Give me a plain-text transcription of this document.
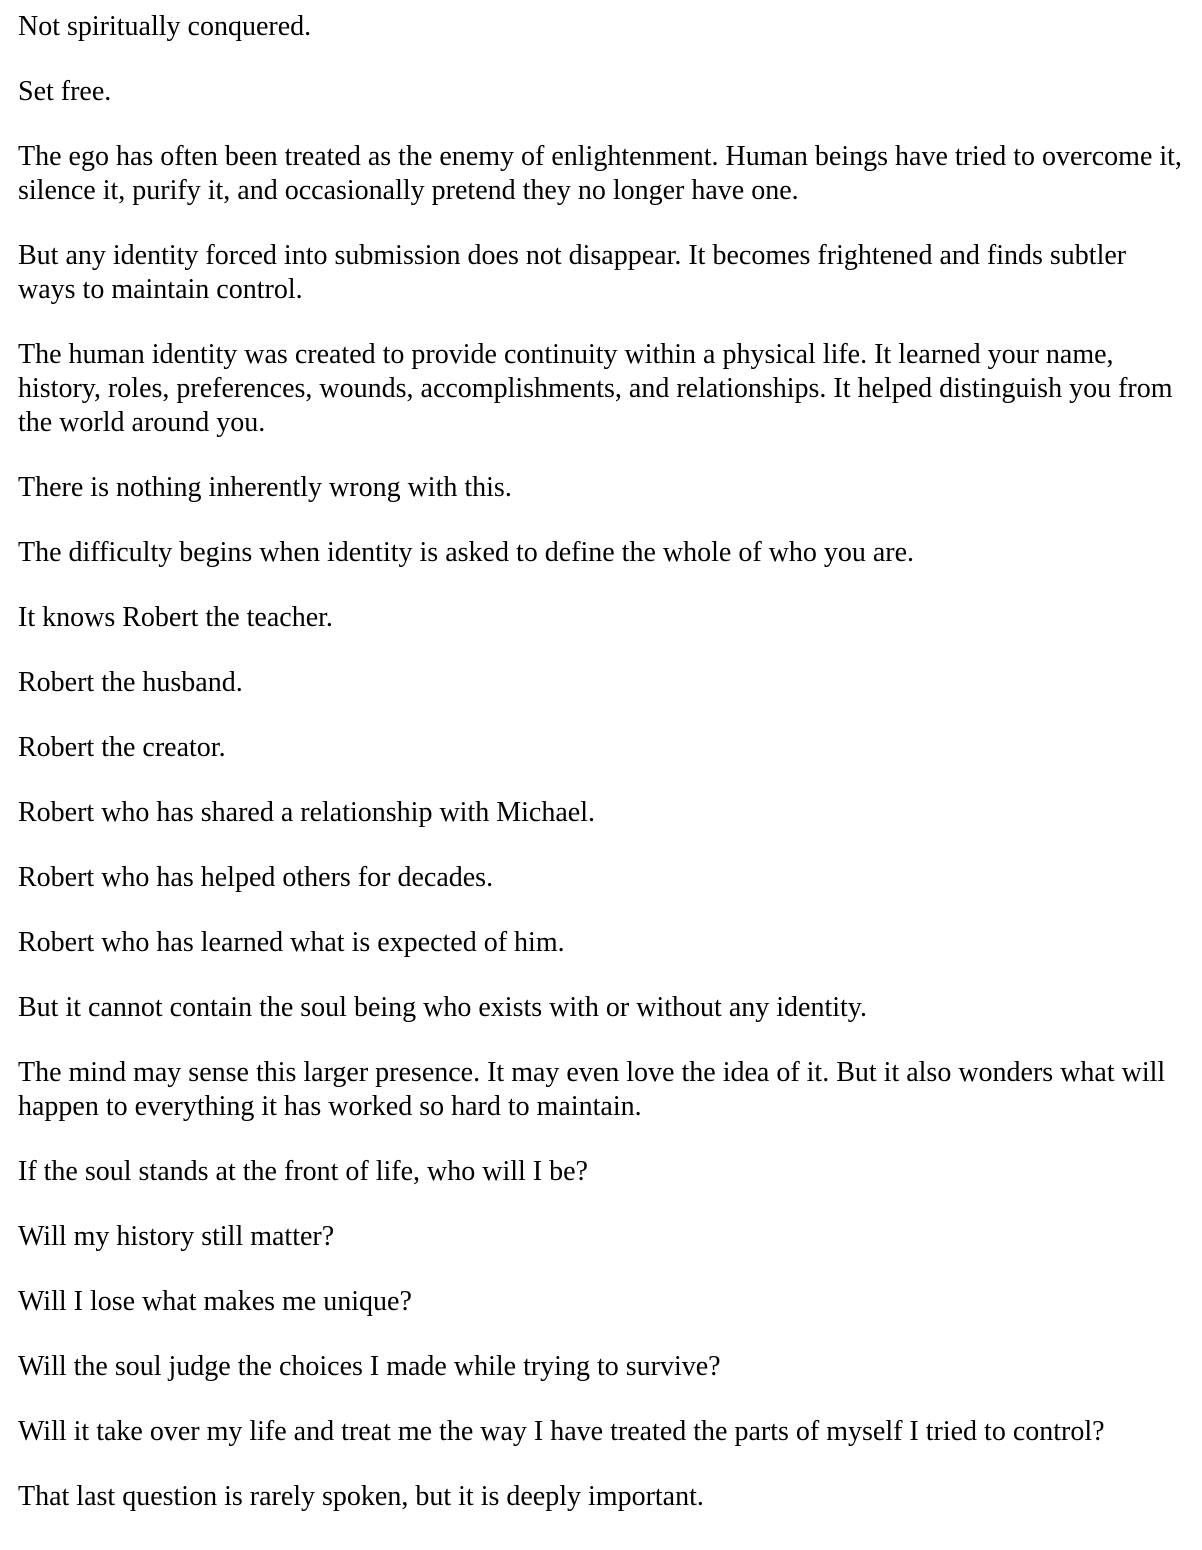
Not spiritually conquered.

Set free.

The ego has often been treated as the enemy of enlightenment. Human beings have tried to overcome it, silence it, purify it, and occasionally pretend they no longer have one.

But any identity forced into submission does not disappear. It becomes frightened and finds subtler ways to maintain control.

The human identity was created to provide continuity within a physical life. It learned your name, history, roles, preferences, wounds, accomplishments, and relationships. It helped distinguish you from the world around you.

There is nothing inherently wrong with this.

The difficulty begins when identity is asked to define the whole of who you are.

It knows Robert the teacher.

Robert the husband.

Robert the creator.

Robert who has shared a relationship with Michael.

Robert who has helped others for decades.

Robert who has learned what is expected of him.

But it cannot contain the soul being who exists with or without any identity.

The mind may sense this larger presence. It may even love the idea of it. But it also wonders what will happen to everything it has worked so hard to maintain.

If the soul stands at the front of life, who will I be?

Will my history still matter?

Will I lose what makes me unique?

Will the soul judge the choices I made while trying to survive?

Will it take over my life and treat me the way I have treated the parts of myself I tried to control?

That last question is rarely spoken, but it is deeply important.
